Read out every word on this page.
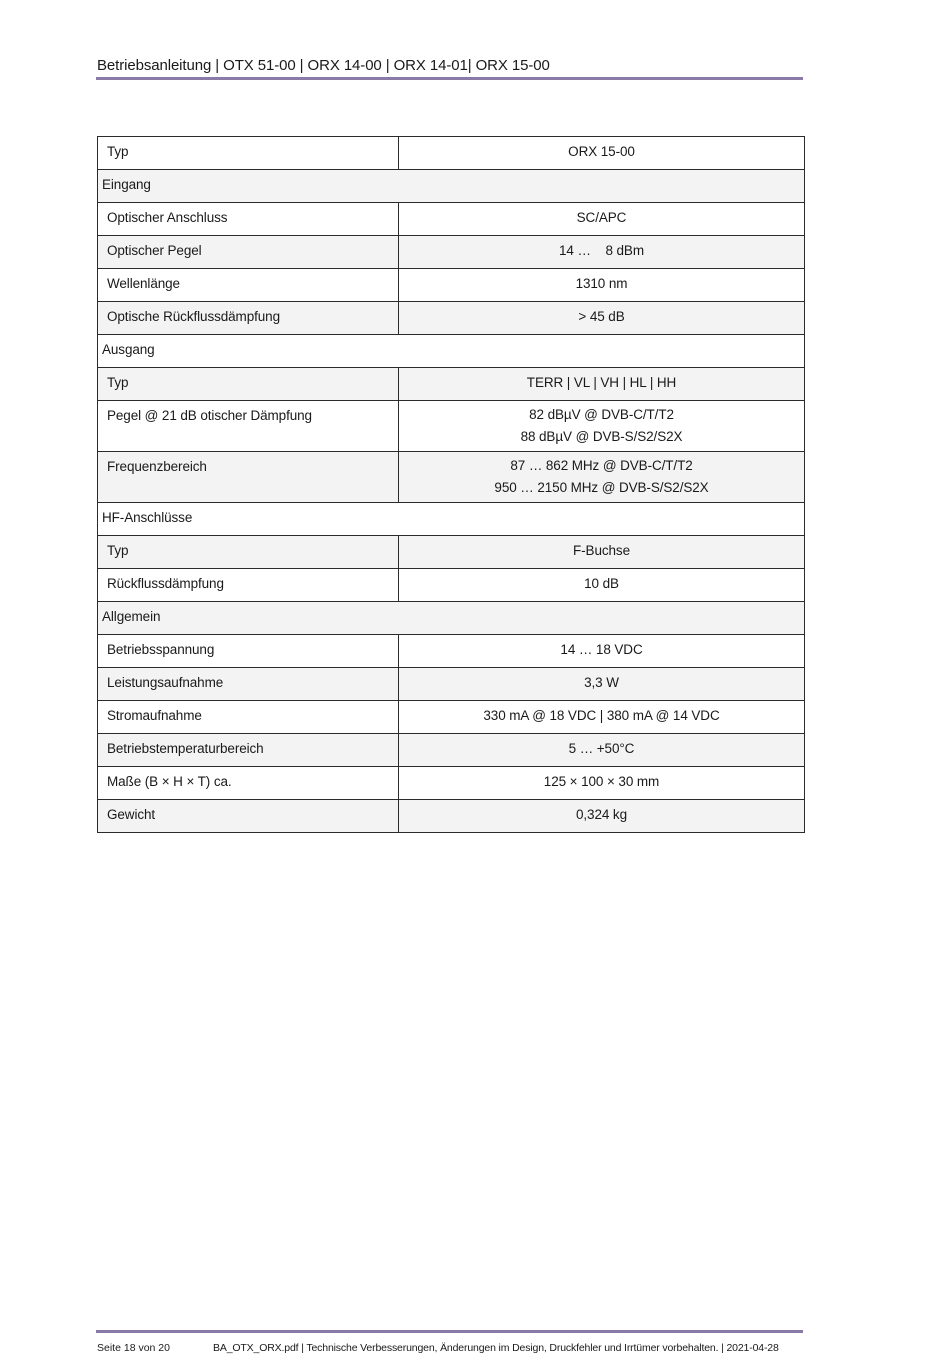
Betriebsanleitung | OTX 51-00 | ORX 14-00 | ORX 14-01| ORX 15-00
Typ	ORX 15-00
Eingang	
Optischer Anschluss	SC/APC
Optischer Pegel	14 …    8 dBm
Wellenlänge	1310 nm
Optische Rückflussdämpfung	> 45 dB
Ausgang	
Typ	TERR | VL | VH | HL | HH
Pegel @ 21 dB otischer Dämpfung	82 dBµV @ DVB-C/T/T2
88 dBµV @ DVB-S/S2/S2X

Frequenzbereich	87 … 862 MHz @ DVB-C/T/T2
950 … 2150 MHz @ DVB-S/S2/S2X

HF-Anschlüsse	
Typ	F-Buchse
Rückflussdämpfung	10 dB
Allgemein	
Betriebsspannung	14 … 18 VDC
Leistungsaufnahme	3,3 W
Stromaufnahme	330 mA @ 18 VDC | 380 mA @ 14 VDC
Betriebstemperaturbereich	5 … +50°C
Maße (B × H × T) ca.	125 × 100 × 30 mm
Gewicht	0,324 kg
Seite 18 von 20	BA_OTX_ORX.pdf | Technische Verbesserungen, Änderungen im Design, Druckfehler und Irrtümer vorbehalten. | 2021-04-28
